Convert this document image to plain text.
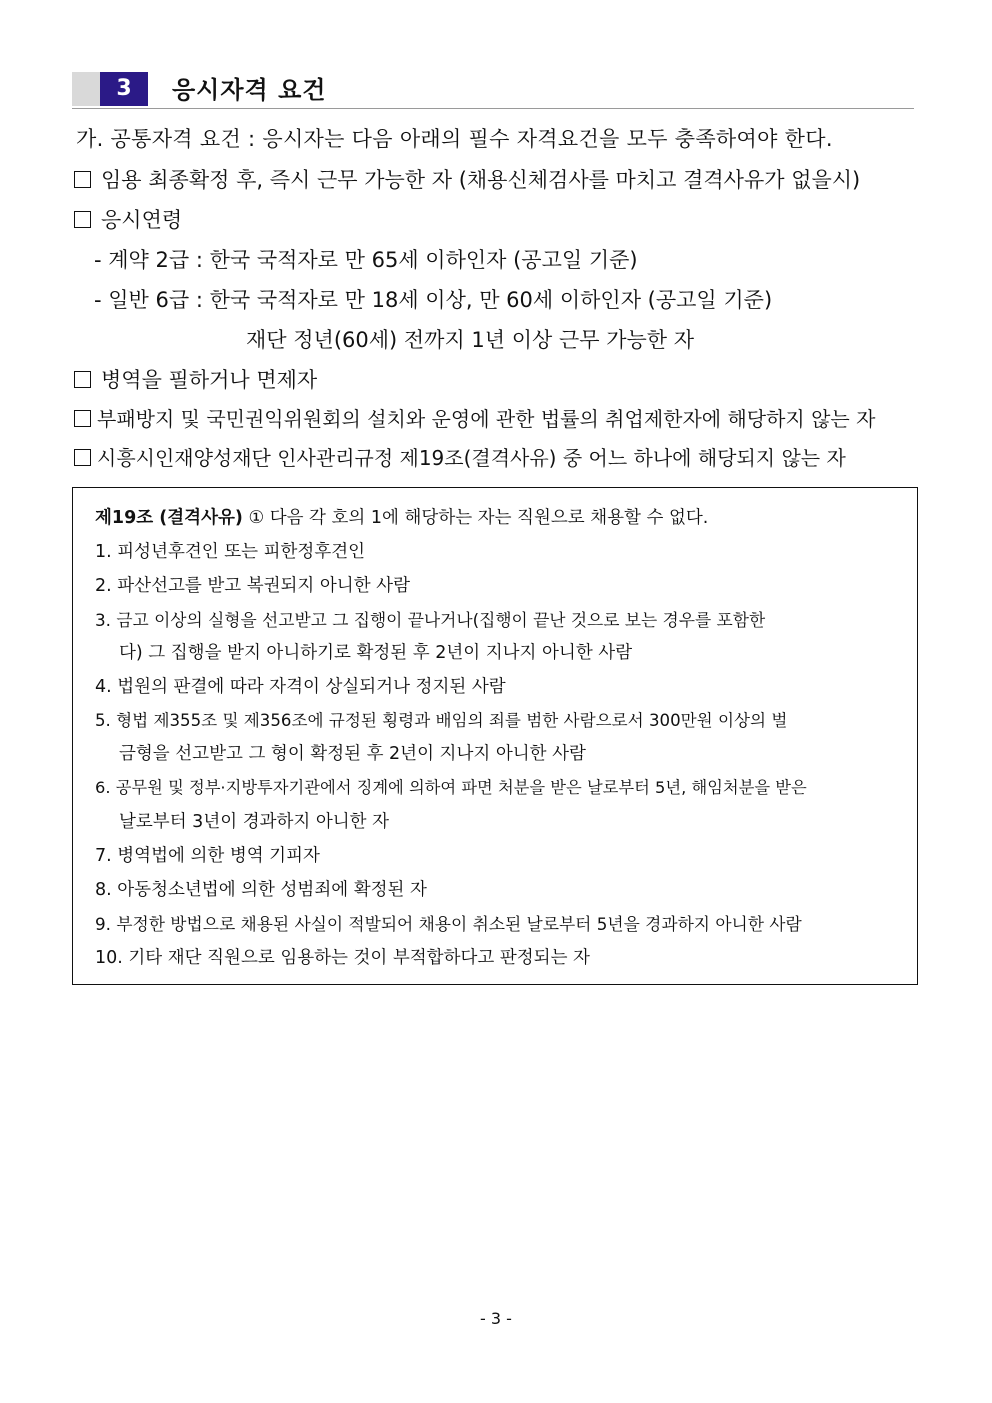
3	응시자격 요건
가. 공통자격 요건 : 응시자는 다음 아래의 필수 자격요건을 모두 충족하여야 한다.
임용 최종확정 후, 즉시 근무 가능한 자 (채용신체검사를 마치고 결격사유가 없을시)
응시연령
- 계약 2급 : 한국 국적자로 만 65세 이하인자 (공고일 기준)
- 일반 6급 : 한국 국적자로 만 18세 이상, 만 60세 이하인자 (공고일 기준)
재단 정년(60세) 전까지 1년 이상 근무 가능한 자
병역을 필하거나 면제자
부패방지 및 국민권익위원회의 설치와 운영에 관한 법률의 취업제한자에 해당하지 않는 자
시흥시인재양성재단 인사관리규정 제19조(결격사유) 중 어느 하나에 해당되지 않는 자
제19조 (결격사유) ① 다음 각 호의 1에 해당하는 자는 직원으로 채용할 수 없다.
1. 피성년후견인 또는 피한정후견인
2. 파산선고를 받고 복권되지 아니한 사람
3. 금고 이상의 실형을 선고받고 그 집행이 끝나거나(집행이 끝난 것으로 보는 경우를 포함한
다) 그 집행을 받지 아니하기로 확정된 후 2년이 지나지 아니한 사람
4. 법원의 판결에 따라 자격이 상실되거나 정지된 사람
5. 형법 제355조 및 제356조에 규정된 횡령과 배임의 죄를 범한 사람으로서 300만원 이상의 벌
금형을 선고받고 그 형이 확정된 후 2년이 지나지 아니한 사람
6. 공무원 및 정부·지방투자기관에서 징계에 의하여 파면 처분을 받은 날로부터 5년, 해임처분을 받은
날로부터 3년이 경과하지 아니한 자
7. 병역법에 의한 병역 기피자
8. 아동청소년법에 의한 성범죄에 확정된 자
9. 부정한 방법으로 채용된 사실이 적발되어 채용이 취소된 날로부터 5년을 경과하지 아니한 사람
10. 기타 재단 직원으로 임용하는 것이 부적합하다고 판정되는 자
- 3 -
